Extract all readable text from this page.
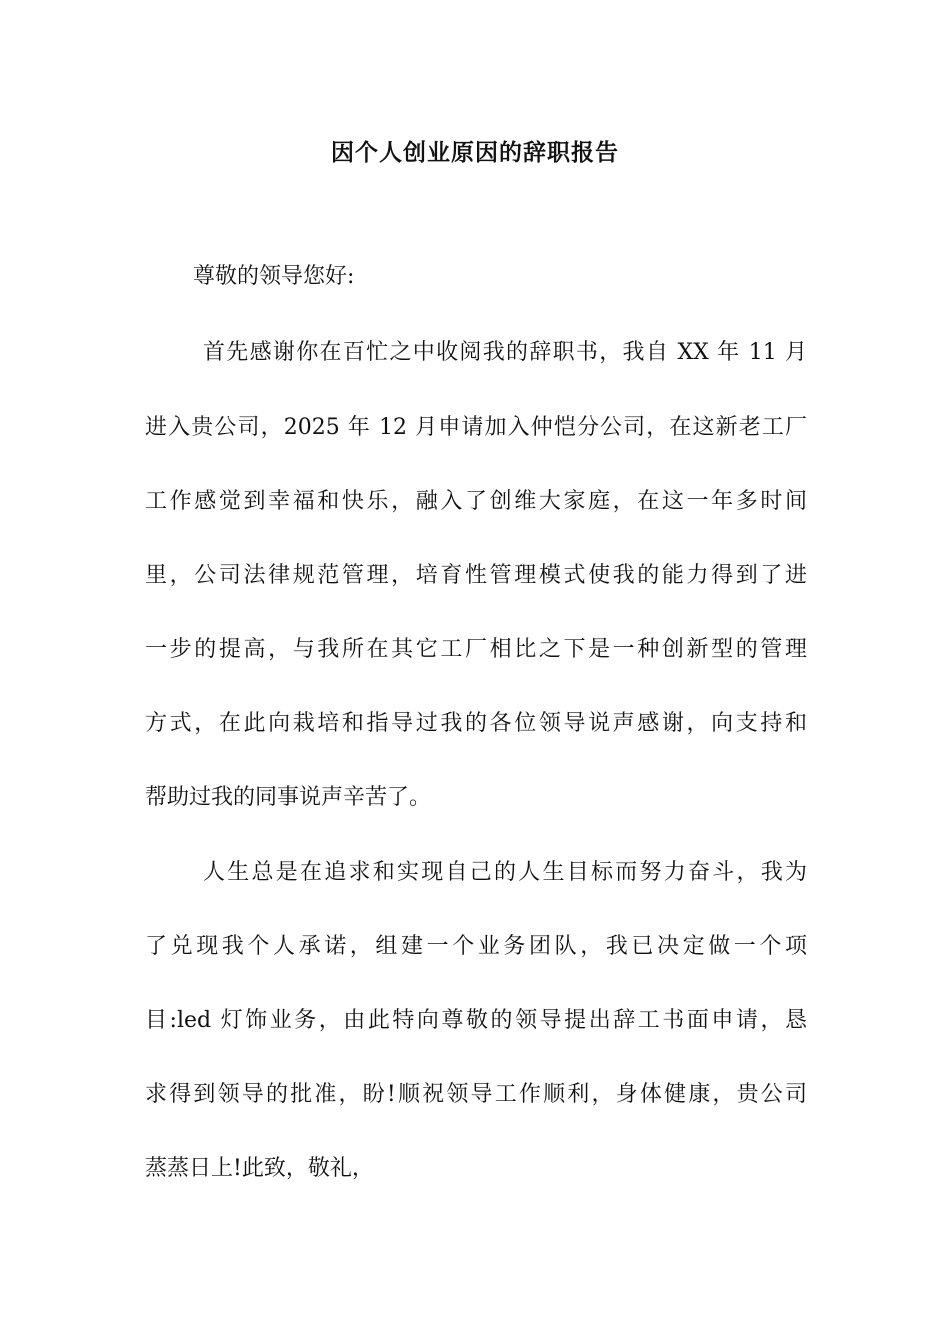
因个人创业原因的辞职报告

尊敬的领导您好:

首先感谢你在百忙之中收阅我的辞职书，我自 XX 年 11 月

进入贵公司，2025 年 12 月申请加入仲恺分公司，在这新老工厂

工作感觉到幸福和快乐，融入了创维大家庭，在这一年多时间

里，公司法律规范管理，培育性管理模式使我的能力得到了进

一步的提高，与我所在其它工厂相比之下是一种创新型的管理

方式，在此向栽培和指导过我的各位领导说声感谢，向支持和

帮助过我的同事说声辛苦了。

人生总是在追求和实现自己的人生目标而努力奋斗，我为

了兑现我个人承诺，组建一个业务团队，我已决定做一个项

目:led 灯饰业务，由此特向尊敬的领导提出辞工书面申请，恳

求得到领导的批准，盼!顺祝领导工作顺利，身体健康，贵公司

蒸蒸日上!此致，敬礼，
